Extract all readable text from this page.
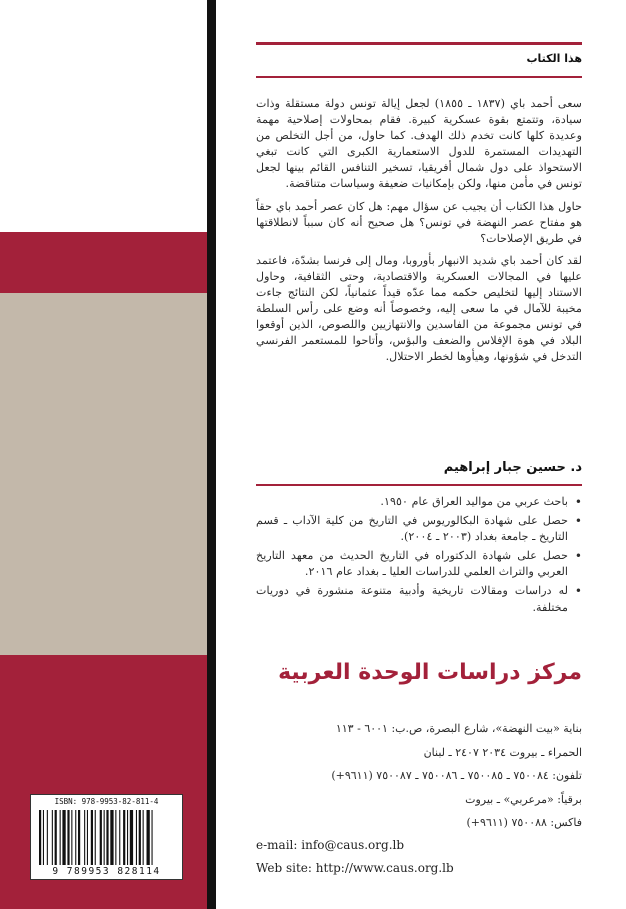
ISBN: 978-9953-82-811-4
9 789953 828114
هذا الكتاب

سعى أحمد باي (١٨٣٧ ـ ١٨٥٥) لجعل إيالة تونس دولة مستقلة وذات سيادة، وتتمتع بقوة عسكرية كبيرة. فقام بمحاولات إصلاحية مهمة وعديدة كلها كانت تخدم ذلك الهدف. كما حاول، من أجل التخلص من التهديدات المستمرة للدول الاستعمارية الكبرى التي كانت تبغي الاستحواذ على دول شمال أفريقيا، تسخير التنافس القائم بينها لجعل تونس في مأمن منها، ولكن بإمكانيات ضعيفة وسياسات متناقضة.

حاول هذا الكتاب أن يجيب عن سؤال مهم: هل كان عصر أحمد باي حقاً هو مفتاح عصر النهضة في تونس؟ هل صحيح أنه كان سبباً لانطلاقتها في طريق الإصلاحات؟

لقد كان أحمد باي شديد الانبهار بأوروبا، ومال إلى فرنسا بشدّة، فاعتمد عليها في المجالات العسكرية والاقتصادية، وحتى الثقافية، وحاول الاستناد إليها لتخليص حكمه مما عدّه قيداً عثمانياً، لكن النتائج جاءت مخيبة للآمال في ما سعى إليه، وخصوصاً أنه وضع على رأس السلطة في تونس مجموعة من الفاسدين والانتهازيين واللصوص، الذين أوقعوا البلاد في هوة الإفلاس والضعف والبؤس، وأتاحوا للمستعمر الفرنسي التدخل في شؤونها، وهيأوها لخطر الاحتلال.

د. حسين جبار إبراهيم
• باحث عربي من مواليد العراق عام ١٩٥٠.
• حصل على شهادة البكالوريوس في التاريخ من كلية الآداب ـ قسم التاريخ ـ جامعة بغداد (٢٠٠٣ ـ ٢٠٠٤).
• حصل على شهادة الدكتوراه في التاريخ الحديث من معهد التاريخ العربي والتراث العلمي للدراسات العليا ـ بغداد عام ٢٠١٦.
• له دراسات ومقالات تاريخية وأدبية متنوعة منشورة في دوريات مختلفة.
مركز دراسات الوحدة العربية
بناية «بيت النهضة»، شارع البصرة، ص.ب: ٦٠٠١ - ١١٣
الحمراء ـ بيروت ٢٠٣٤ ٢٤٠٧ ـ لبنان
تلفون: ٧٥٠٠٨٤ ـ ٧٥٠٠٨٥ ـ ٧٥٠٠٨٦ ـ ٧٥٠٠٨٧ (٩٦١١+)
برقياً: «مرعربي» ـ بيروت
فاكس: ٧٥٠٠٨٨ (٩٦١١+)
e-mail: info@caus.org.lb
Web site: http://www.caus.org.lb
